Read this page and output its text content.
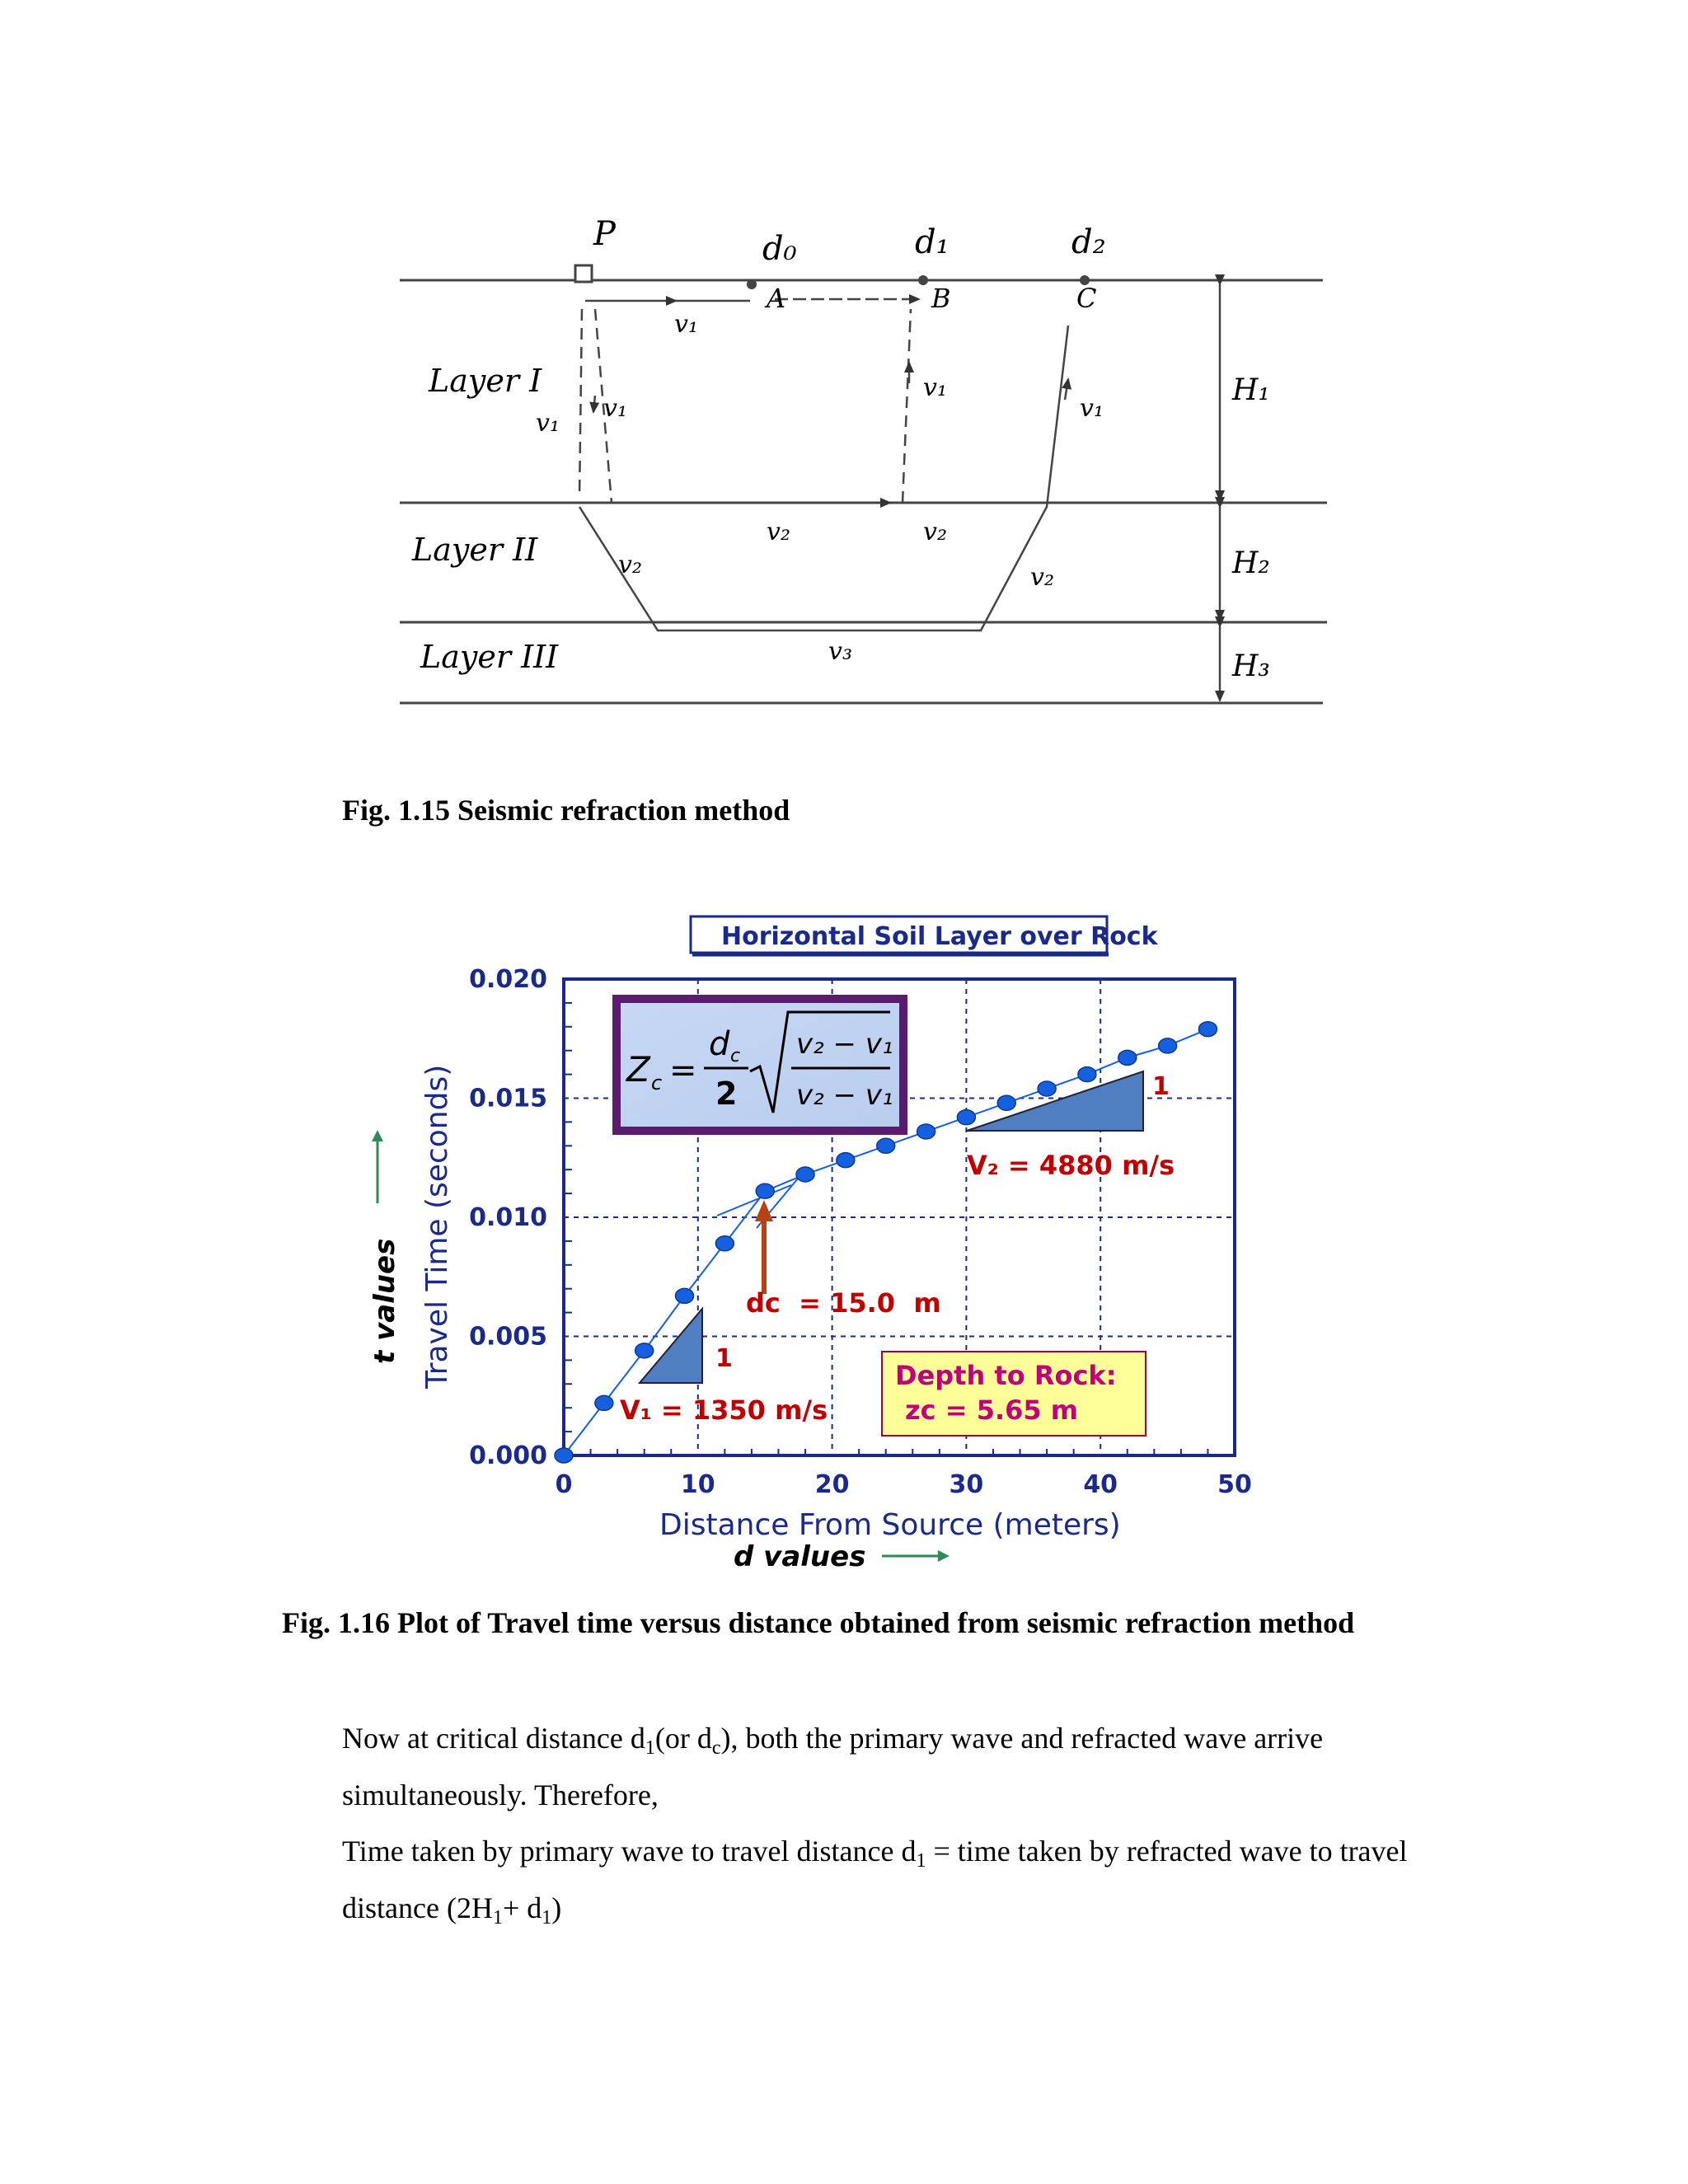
P	d₀	d₁	d₂
A	B	C
Layer I
Layer II
Layer III
v₁
v₁
v₁
v₁
v₁
v₂	v₂
v₂	v₂
v₃
H₁
H₂
H₃
Fig. 1.15 Seismic refraction method
Horizontal Soil Layer over Rock
0	10	20	30	40	50
0.000
0.005
0.010
0.015
0.020
1
1
dc  = 15.0  m
V₁ = 1350 m/s
V₂ = 4880 m/s
Depth to Rock:
zc = 5.65 m
Z c =
d c
2
v₂ − v₁
v₂ − v₁
Distance From Source (meters)
Travel Time (seconds)
d values
t values
Fig. 1.16 Plot of Travel time versus distance obtained from seismic refraction method
Now at critical distance $d_1(or$ $d_c$), both the primary wave and refracted wave arrive simultaneously. Therefore,
Time taken by primary wave to travel distance $d_1$ = time taken by refracted wave to travel distance $(2H_1+ d_1)$
